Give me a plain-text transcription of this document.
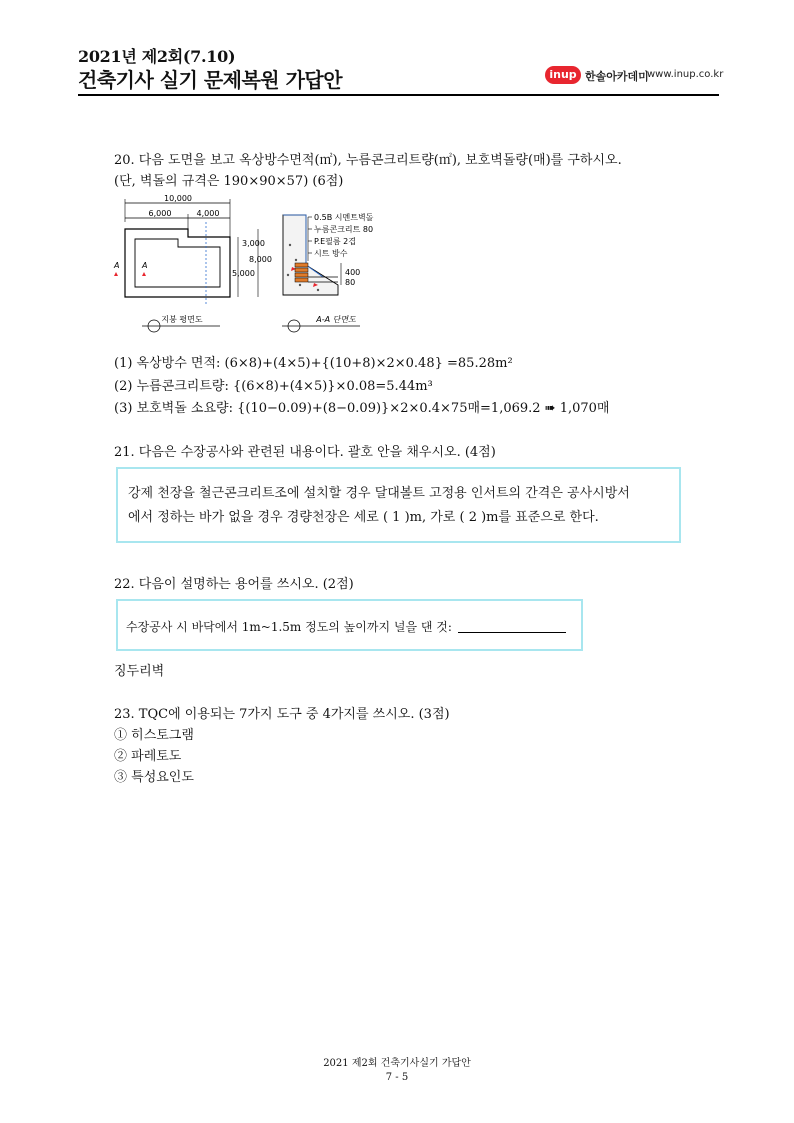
2021년 제2회(7.10)
건축기사 실기 문제복원 가답안	inup 한솔아카데미
www.inup.co.kr
20. 다음 도면을 보고 옥상방수면적(㎡), 누름콘크리트량(㎡), 보호벽돌량(매)를 구하시오.
(단, 벽돌의 규격은 190×90×57) (6점)
10,000
6,000	4,000
3,000
8,000
5,000
A	A
지붕 평면도
0.5B 시멘트벽돌
누름콘크리트 80
P.E필름 2겹
시트 방수
400
80
A-A 단면도
(1) 옥상방수 면적: (6×8)+(4×5)+{(10+8)×2×0.48} =85.28m²
(2) 누름콘크리트량: {(6×8)+(4×5)}×0.08=5.44m³
(3) 보호벽돌 소요량: {(10−0.09)+(8−0.09)}×2×0.4×75매=1,069.2 ➠ 1,070매
21. 다음은 수장공사와 관련된 내용이다. 괄호 안을 채우시오. (4점)
강제 천장을 철근콘크리트조에 설치할 경우 달대볼트 고정용 인서트의 간격은 공사시방서
에서 정하는 바가 없을 경우 경량천장은 세로 ( 1 )m, 가로 ( 2 )m를 표준으로 한다.
22. 다음이 설명하는 용어를 쓰시오. (2점)
수장공사 시 바닥에서 1m~1.5m 정도의 높이까지 널을 댄 것:
징두리벽
23. TQC에 이용되는 7가지 도구 중 4가지를 쓰시오. (3점)
① 히스토그램
② 파레토도
③ 특성요인도
2021 제2회 건축기사실기 가답안
7 - 5
